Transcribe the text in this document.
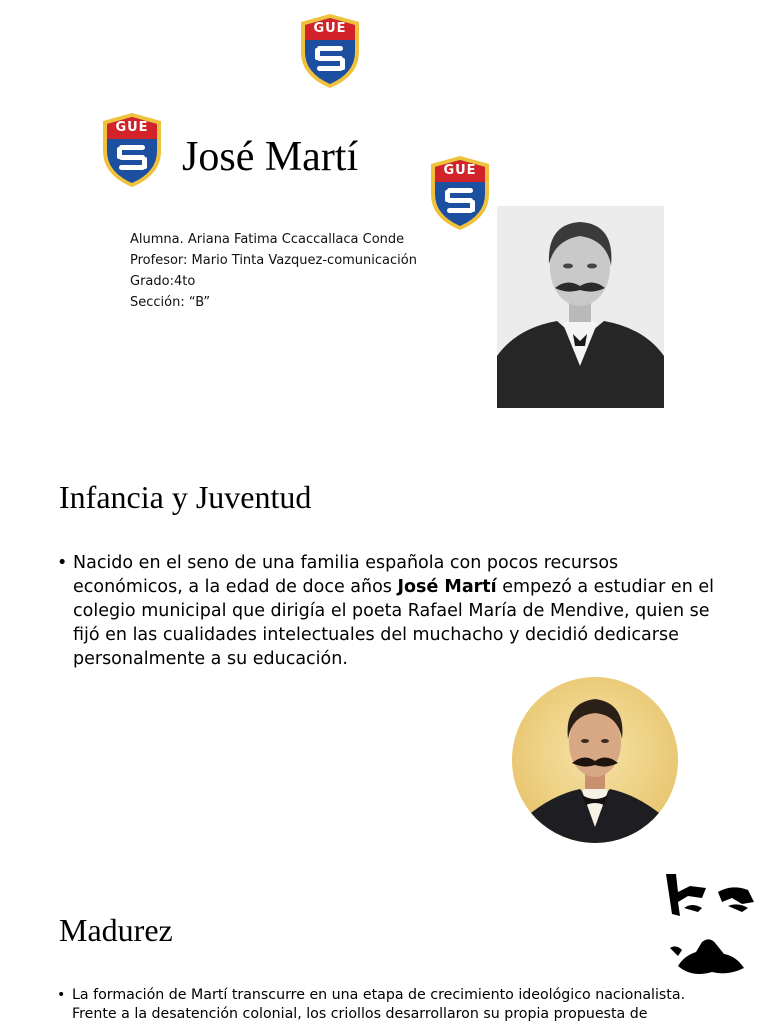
GUE
GUE
GUE
José Martí
Alumna. Ariana Fatima Ccaccallaca Conde
Profesor: Mario Tinta Vazquez-comunicación
Grado:4to
Sección: “B”
Infancia y Juventud
• Nacido en el seno de una familia española con pocos recursos económicos, a la edad de doce años José Martí empezó a estudiar en el colegio municipal que dirigía el poeta Rafael María de Mendive, quien se fijó en las cualidades intelectuales del muchacho y decidió dedicarse personalmente a su educación.
Madurez
• La formación de Martí transcurre en una etapa de crecimiento ideológico nacionalista.
Frente a la desatención colonial, los criollos desarrollaron su propia propuesta de
